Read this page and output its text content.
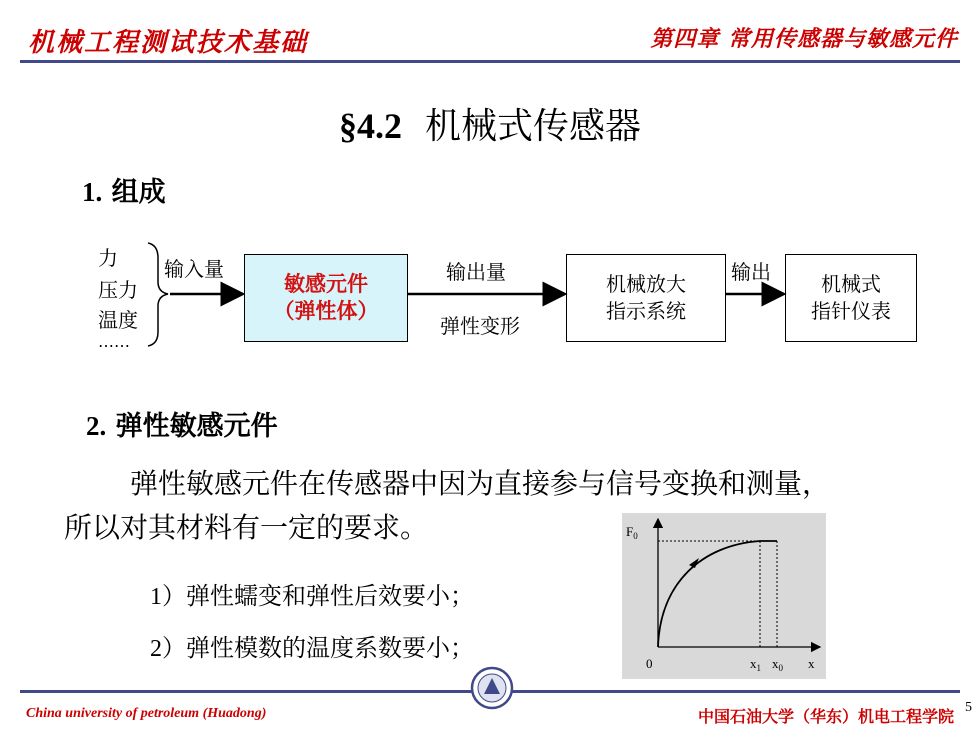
机械工程测试技术基础	第四章 常用传感器与敏感元件
§4.2 机械式传感器
1. 组成
力
压力
温度
……
输入量
敏感元件
（弹性体）
输出量
弹性变形
机械放大
指示系统
输出	机械式
指针仪表
2. 弹性敏感元件
弹性敏感元件在传感器中因为直接参与信号变换和测量，
所以对其材料有一定的要求。
1）弹性蠕变和弹性后效要小；
2）弹性模数的温度系数要小；
$F_0$
0	$x_1$ $x_0$ x
China university of petroleum (Huadong)	中国石油大学（华东）机电工程学院 5
